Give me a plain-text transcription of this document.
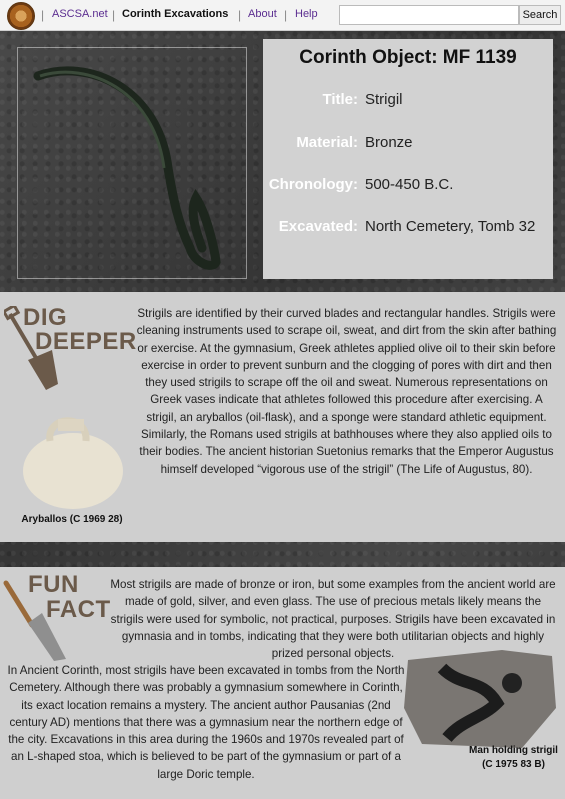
| ASCSA.net | Corinth Excavations | About | Help	Search
Corinth Object: MF 1139
Title: Strigil
Material: Bronze
Chronology: 500-450 B.C.
Excavated: North Cemetery, Tomb 32
DIG
DEEPER
Strigils are identified by their curved blades and rectangular handles. Strigils were cleaning instruments used to scrape oil, sweat, and dirt from the skin after bathing or exercise. At the gymnasium, Greek athletes applied olive oil to their skin before exercise in order to prevent sunburn and the clogging of pores with dirt and then they used strigils to scrape off the oil and sweat. Numerous representations on Greek vases indicate that athletes followed this procedure after exercising. A strigil, an aryballos (oil-flask), and a sponge were standard athletic equipment. Similarly, the Romans used strigils at bathhouses where they also applied oils to their bodies. The ancient historian Suetonius remarks that the Emperor Augustus himself developed “vigorous use of the strigil” (The Life of Augustus, 80).
Aryballos (C 1969 28)
FUN
FACT
Most strigils are made of bronze or iron, but some examples from the ancient world are made of gold, silver, and even glass. The use of precious metals likely means the strigils were used for symbolic, not practical, purposes. Strigils have been excavated in gymnasia and in tombs, indicating that they were both utilitarian objects and highly prized personal objects.
In Ancient Corinth, most strigils have been excavated in tombs from the North Cemetery. Although there was probably a gymnasium somewhere in Corinth, its exact location remains a mystery. The ancient author Pausanias (2nd century AD) mentions that there was a gymnasium near the northern edge of the city. Excavations in this area during the 1960s and 1970s revealed part of an L-shaped stoa, which is believed to be part of the gymnasium or part of a large Doric temple.
Man holding strigil
(C 1975 83 B)
